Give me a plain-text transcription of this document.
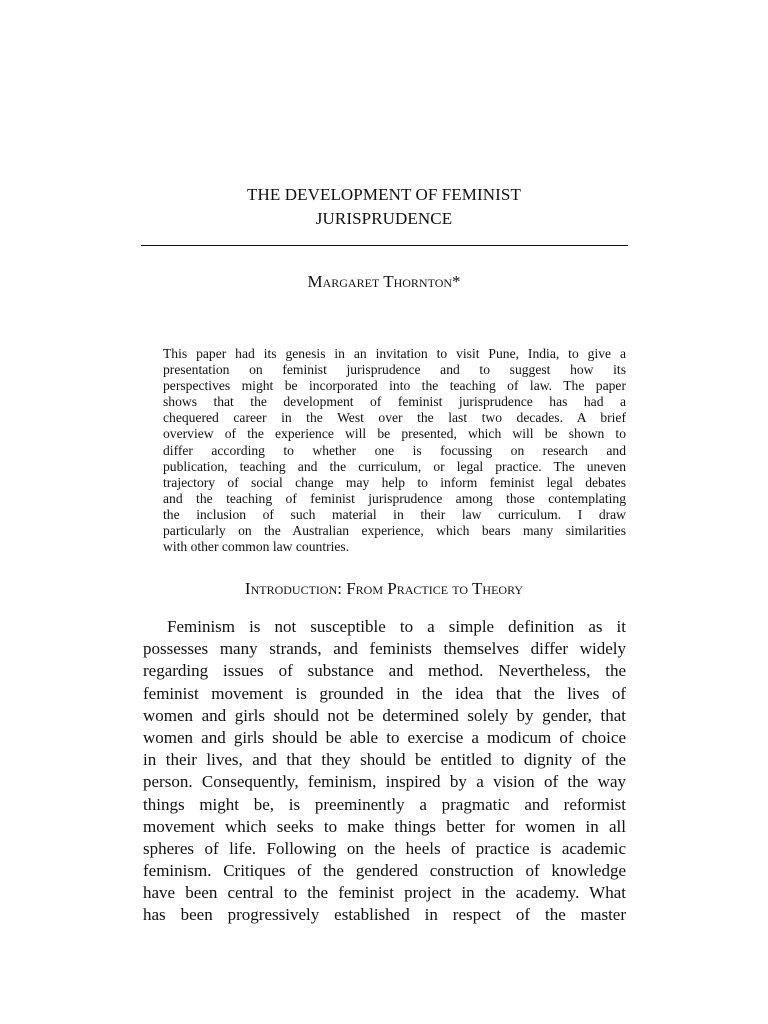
THE DEVELOPMENT OF FEMINIST
JURISPRUDENCE
Margaret Thornton*
This paper had its genesis in an invitation to visit Pune, India, to give a
presentation on feminist jurisprudence and to suggest how its
perspectives might be incorporated into the teaching of law. The paper
shows that the development of feminist jurisprudence has had a
chequered career in the West over the last two decades. A brief
overview of the experience will be presented, which will be shown to
differ according to whether one is focussing on research and
publication, teaching and the curriculum, or legal practice. The uneven
trajectory of social change may help to inform feminist legal debates
and the teaching of feminist jurisprudence among those contemplating
the inclusion of such material in their law curriculum. I draw
particularly on the Australian experience, which bears many similarities
with other common law countries.
Introduction: From Practice to Theory
Feminism is not susceptible to a simple definition as it
possesses many strands, and feminists themselves differ widely
regarding issues of substance and method. Nevertheless, the
feminist movement is grounded in the idea that the lives of
women and girls should not be determined solely by gender, that
women and girls should be able to exercise a modicum of choice
in their lives, and that they should be entitled to dignity of the
person. Consequently, feminism, inspired by a vision of the way
things might be, is preeminently a pragmatic and reformist
movement which seeks to make things better for women in all
spheres of life. Following on the heels of practice is academic
feminism. Critiques of the gendered construction of knowledge
have been central to the feminist project in the academy. What
has been progressively established in respect of the master
